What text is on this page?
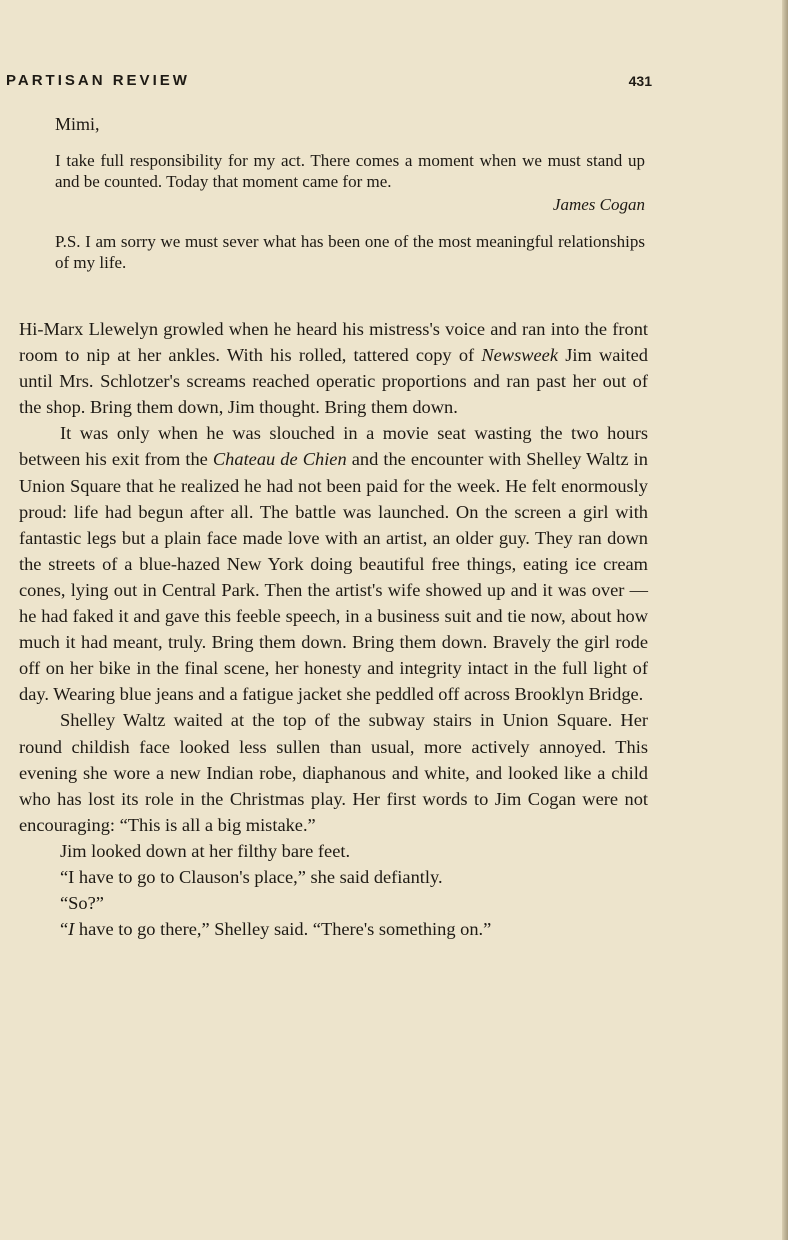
PARTISAN REVIEW	431

Mimi,

I take full responsibility for my act. There comes a moment when we must stand up and be counted. Today that moment came for me.

James Cogan

P.S. I am sorry we must sever what has been one of the most meaningful relationships of my life.

Hi-Marx Llewelyn growled when he heard his mistress's voice and ran into the front room to nip at her ankles. With his rolled, tattered copy of Newsweek Jim waited until Mrs. Schlotzer's screams reached operatic proportions and ran past her out of the shop. Bring them down, Jim thought. Bring them down.

It was only when he was slouched in a movie seat wasting the two hours between his exit from the Chateau de Chien and the encounter with Shelley Waltz in Union Square that he realized he had not been paid for the week. He felt enormously proud: life had begun after all. The battle was launched. On the screen a girl with fantastic legs but a plain face made love with an artist, an older guy. They ran down the streets of a blue-hazed New York doing beautiful free things, eating ice cream cones, lying out in Central Park. Then the artist's wife showed up and it was over — he had faked it and gave this feeble speech, in a business suit and tie now, about how much it had meant, truly. Bring them down. Bring them down. Bravely the girl rode off on her bike in the final scene, her honesty and integrity intact in the full light of day. Wearing blue jeans and a fatigue jacket she peddled off across Brooklyn Bridge.

Shelley Waltz waited at the top of the subway stairs in Union Square. Her round childish face looked less sullen than usual, more actively annoyed. This evening she wore a new Indian robe, diaphanous and white, and looked like a child who has lost its role in the Christmas play. Her first words to Jim Cogan were not encouraging: “This is all a big mistake.”

Jim looked down at her filthy bare feet.

“I have to go to Clauson's place,” she said defiantly.

“So?”

“I have to go there,” Shelley said. “There's something on.”
